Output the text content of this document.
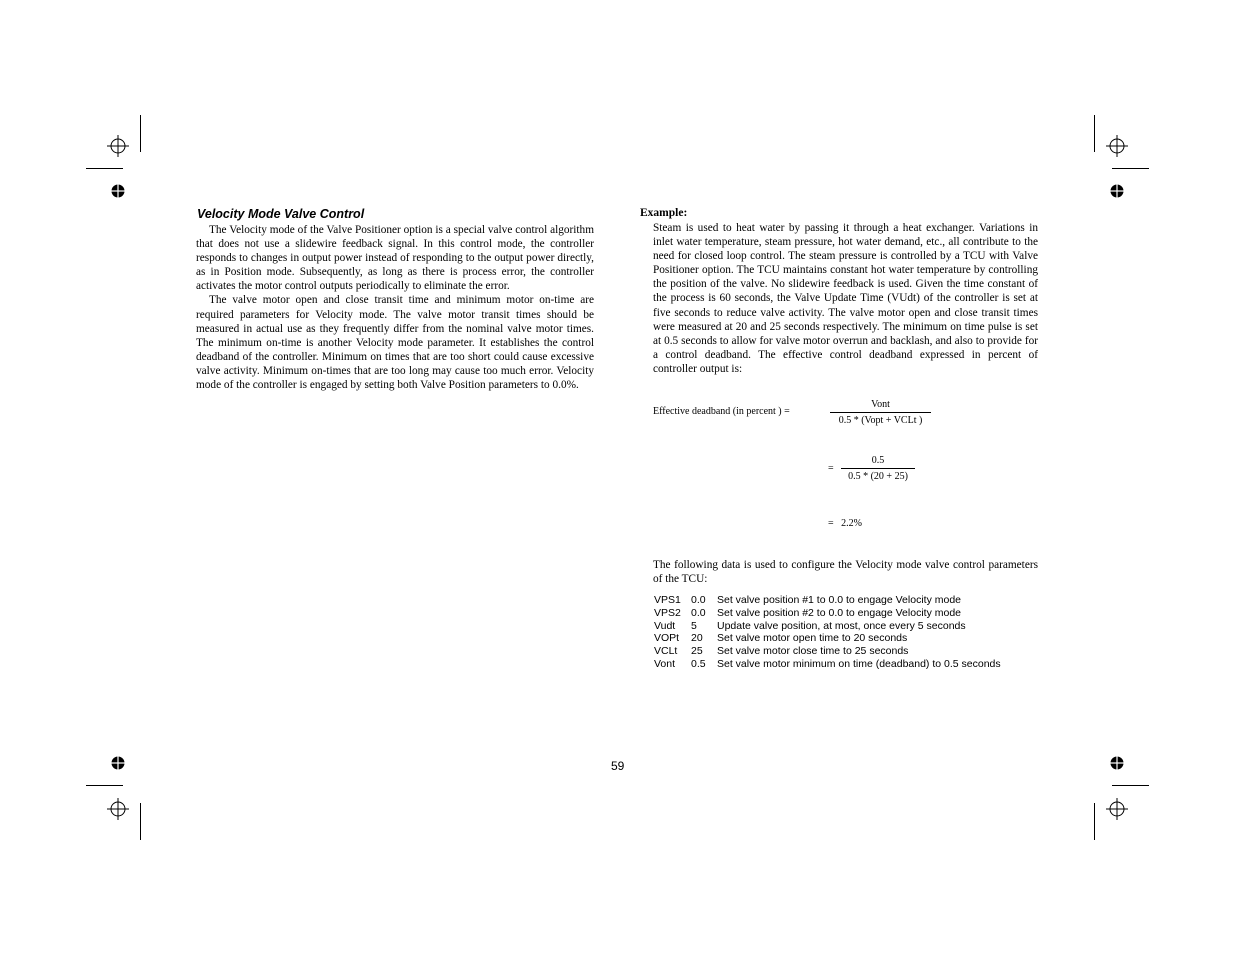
Velocity Mode Valve Control

The Velocity mode of the Valve Positioner option is a special valve control algorithm that does not use a slidewire feedback signal. In this control mode, the controller responds to changes in output power instead of responding to the output power directly, as in Position mode. Subsequently, as long as there is process error, the controller activates the motor control outputs periodically to eliminate the error.

The valve motor open and close transit time and minimum motor on-time are required parameters for Velocity mode. The valve motor transit times should be measured in actual use as they frequently differ from the nominal valve motor times. The minimum on-time is another Velocity mode parameter. It establishes the control deadband of the controller. Minimum on times that are too short could cause excessive valve activity. Minimum on-times that are too long may cause too much error. Velocity mode of the controller is engaged by setting both Valve Position parameters to 0.0%.

Example:

Steam is used to heat water by passing it through a heat exchanger. Variations in inlet water temperature, steam pressure, hot water demand, etc., all contribute to the need for closed loop control. The steam pressure is controlled by a TCU with Valve Positioner option. The TCU maintains constant hot water temperature by controlling the position of the valve. No slidewire feedback is used. Given the time constant of the process is 60 seconds, the Valve Update Time (VUdt) of the controller is set at five seconds to reduce valve activity. The valve motor open and close transit times were measured at 20 and 25 seconds respectively. The minimum on time pulse is set at 0.5 seconds to allow for valve motor overrun and backlash, and also to provide for a control deadband. The effective control deadband expressed in percent of controller output is:

Effective deadband (in percent ) =
Vont
0.5 * (Vopt + VCLt )
= $\frac{0.5}{0.5 * (20 + 25)}$
=   2.2%
The following data is used to configure the Velocity mode valve control parameters of the TCU:
VPS1 0.0 Set valve position #1 to 0.0 to engage Velocity mode
VPS2 0.0 Set valve position #2 to 0.0 to engage Velocity mode
Vudt 5 Update valve position, at most, once every 5 seconds
VOPt 20 Set valve motor open time to 20 seconds
VCLt 25 Set valve motor close time to 25 seconds
Vont 0.5 Set valve motor minimum on time (deadband) to 0.5 seconds
59
